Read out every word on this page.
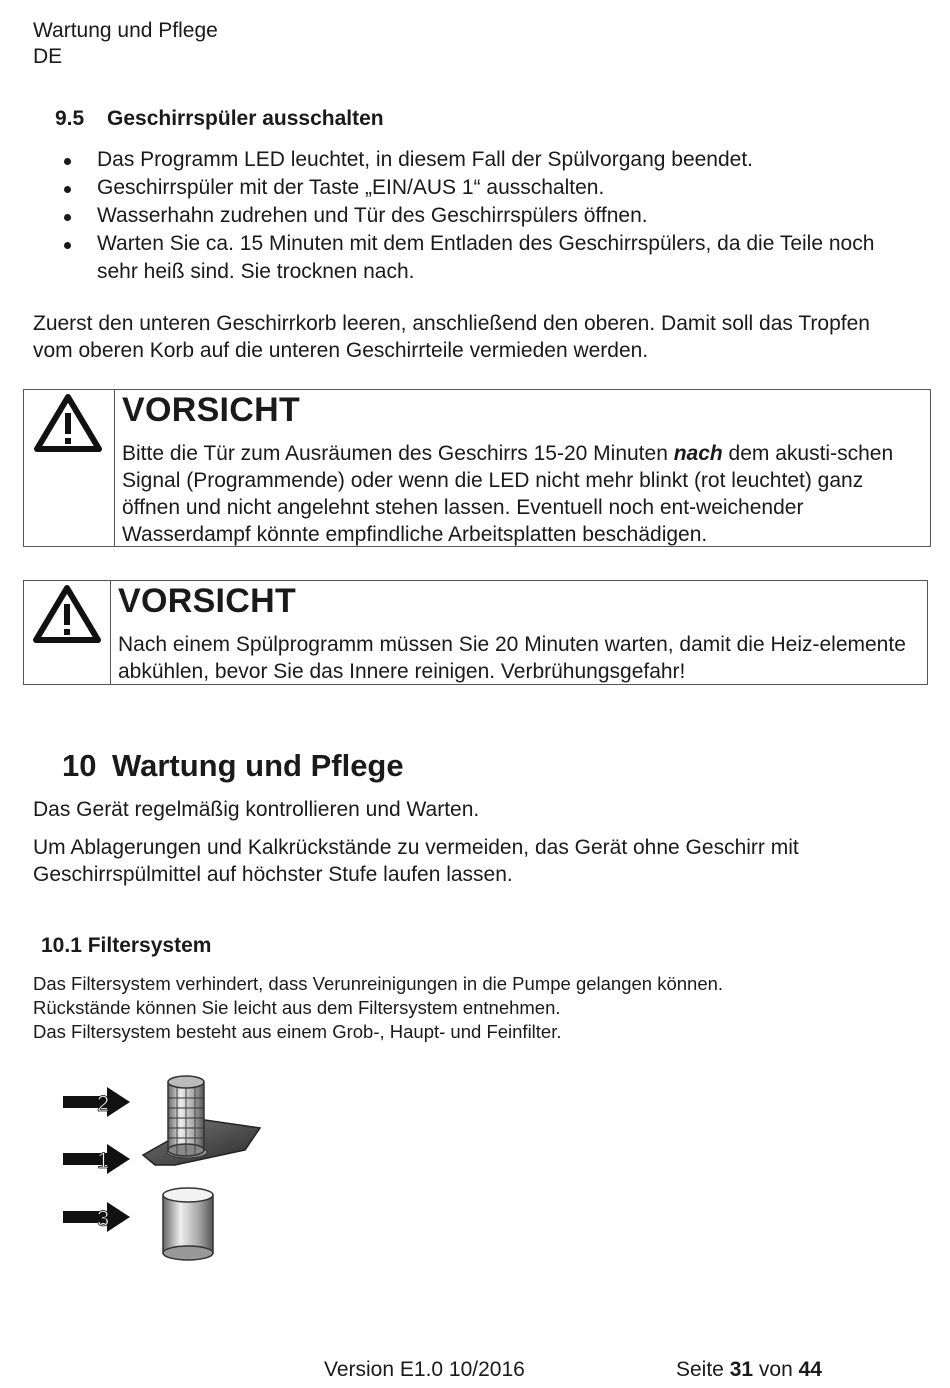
Wartung und Pflege
DE
9.5 Geschirrspüler ausschalten
Das Programm LED leuchtet, in diesem Fall der Spülvorgang beendet.
Geschirrspüler mit der Taste „EIN/AUS 1“ ausschalten.
Wasserhahn zudrehen und Tür des Geschirrspülers öffnen.
Warten Sie ca. 15 Minuten mit dem Entladen des Geschirrspülers, da die Teile noch sehr heiß sind. Sie trocknen nach.
Zuerst den unteren Geschirrkorb leeren, anschließend den oberen. Damit soll das Tropfen vom oberen Korb auf die unteren Geschirrteile vermieden werden.
VORSICHT
Bitte die Tür zum Ausräumen des Geschirrs 15-20 Minuten nach dem akusti-schen Signal (Programmende) oder wenn die LED nicht mehr blinkt (rot leuchtet) ganz öffnen und nicht angelehnt stehen lassen. Eventuell noch ent-weichender Wasserdampf könnte empfindliche Arbeitsplatten beschädigen.
VORSICHT
Nach einem Spülprogramm müssen Sie 20 Minuten warten, damit die Heiz-elemente abkühlen, bevor Sie das Innere reinigen. Verbrühungsgefahr!
10 Wartung und Pflege
Das Gerät regelmäßig kontrollieren und Warten.
Um Ablagerungen und Kalkrückstände zu vermeiden, das Gerät ohne Geschirr mit Geschirrspülmittel auf höchster Stufe laufen lassen.
10.1 Filtersystem
Das Filtersystem verhindert, dass Verunreinigungen in die Pumpe gelangen können.
Rückstände können Sie leicht aus dem Filtersystem entnehmen.
Das Filtersystem besteht aus einem Grob-, Haupt- und Feinfilter.
2
1
3
Version E1.0 10/2016	Seite 31 von 44
